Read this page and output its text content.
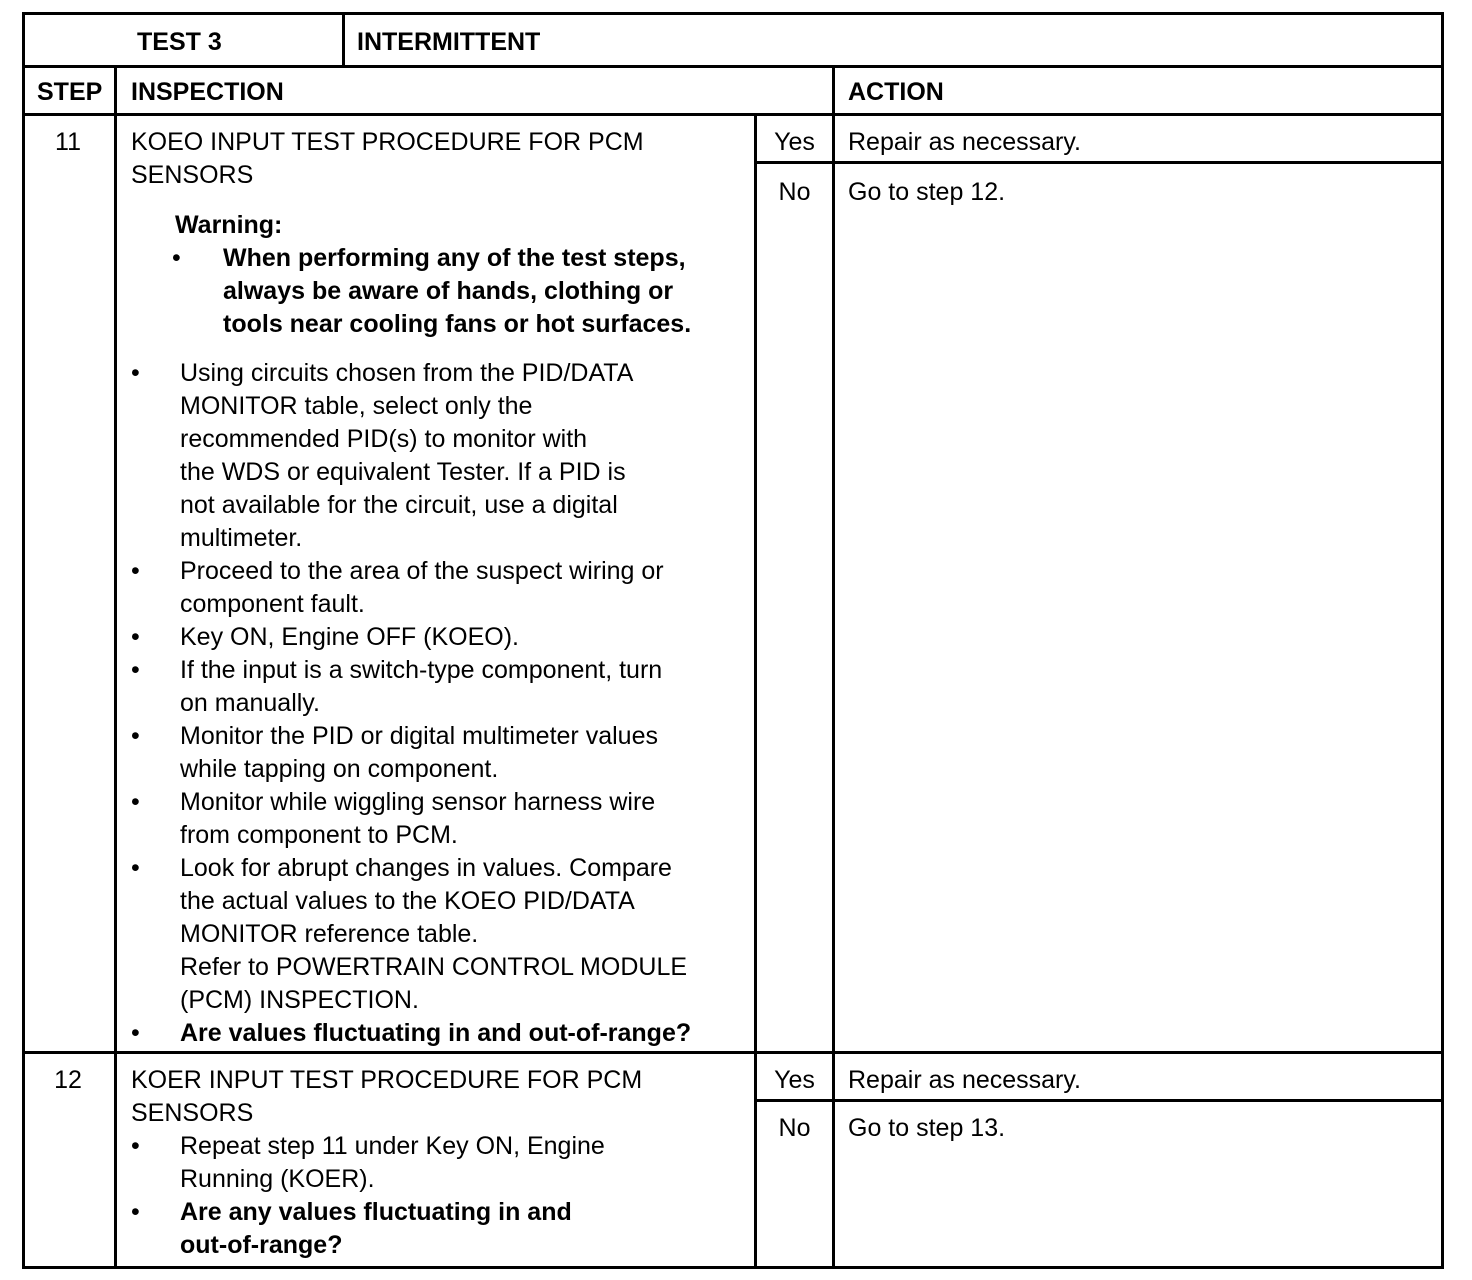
TEST 3	INTERMITTENT
STEP INSPECTION	ACTION
11	KOEO INPUT TEST PROCEDURE FOR PCM
SENSORS
Warning:
• When performing any of the test steps,
always be aware of hands, clothing or
tools near cooling fans or hot surfaces.
• Using circuits chosen from the PID/DATA
MONITOR table, select only the
recommended PID(s) to monitor with
the WDS or equivalent Tester. If a PID is
not available for the circuit, use a digital
multimeter.
• Proceed to the area of the suspect wiring or
component fault.
• Key ON, Engine OFF (KOEO).
• If the input is a switch-type component, turn
on manually.
• Monitor the PID or digital multimeter values
while tapping on component.
• Monitor while wiggling sensor harness wire
from component to PCM.
• Look for abrupt changes in values. Compare
the actual values to the KOEO PID/DATA
MONITOR reference table.
Refer to POWERTRAIN CONTROL MODULE
(PCM) INSPECTION.
• Are values fluctuating in and out-of-range?
Yes	Repair as necessary.
No	Go to step 12.
12	KOER INPUT TEST PROCEDURE FOR PCM
SENSORS
• Repeat step 11 under Key ON, Engine
Running (KOER).
• Are any values fluctuating in and
out-of-range?
Yes	Repair as necessary.
No	Go to step 13.
